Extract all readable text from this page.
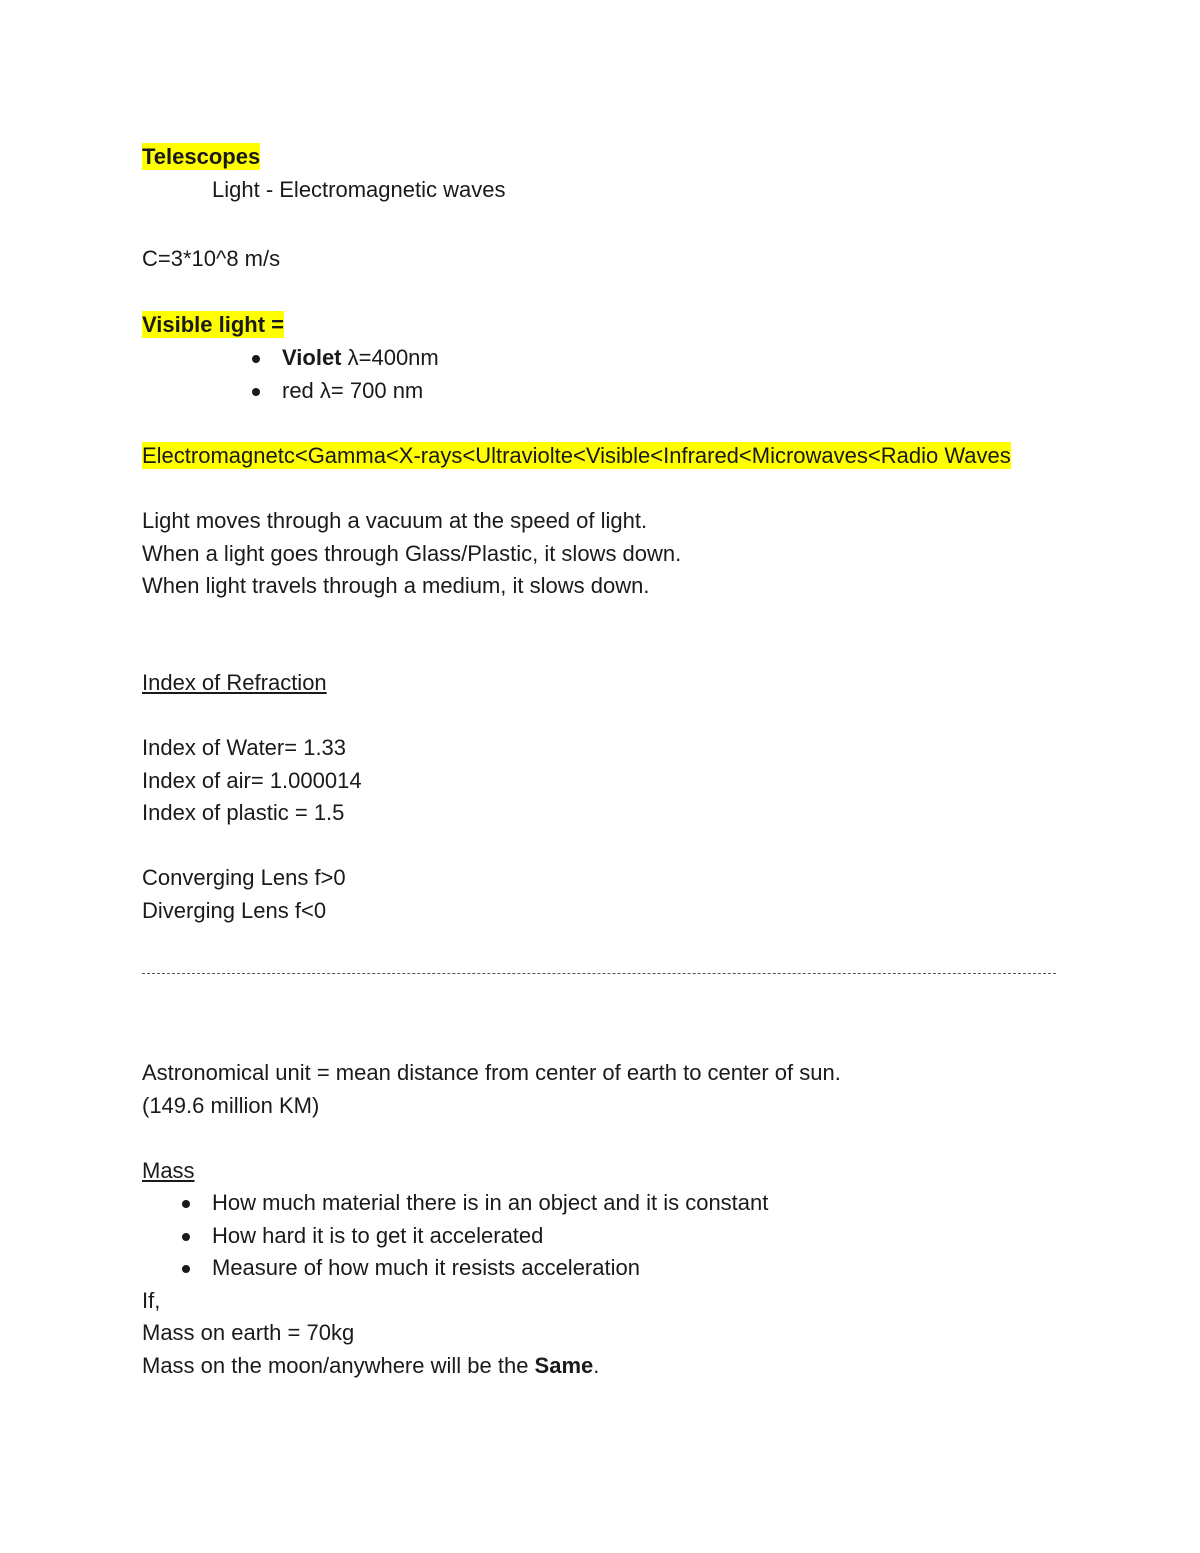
Telescopes
Light - Electromagnetic waves
C=3*10^8 m/s
Visible light =
Violet λ=400nm
red λ= 700 nm
Electromagnetc<Gamma<X-rays<Ultraviolte<Visible<Infrared<Microwaves<Radio Waves
Light moves through a vacuum at the speed of light.
When a light goes through Glass/Plastic, it slows down.
When light travels through a medium, it slows down.
Index of Refraction
Index of Water= 1.33
Index of air= 1.000014
Index of plastic = 1.5
Converging Lens f>0
Diverging Lens f<0
Astronomical unit = mean distance from center of earth to center of sun.
(149.6 million KM)
Mass
How much material there is in an object and it is constant
How hard it is to get it accelerated
Measure of how much it resists acceleration
If,
Mass on earth = 70kg
Mass on the moon/anywhere will be the Same.
